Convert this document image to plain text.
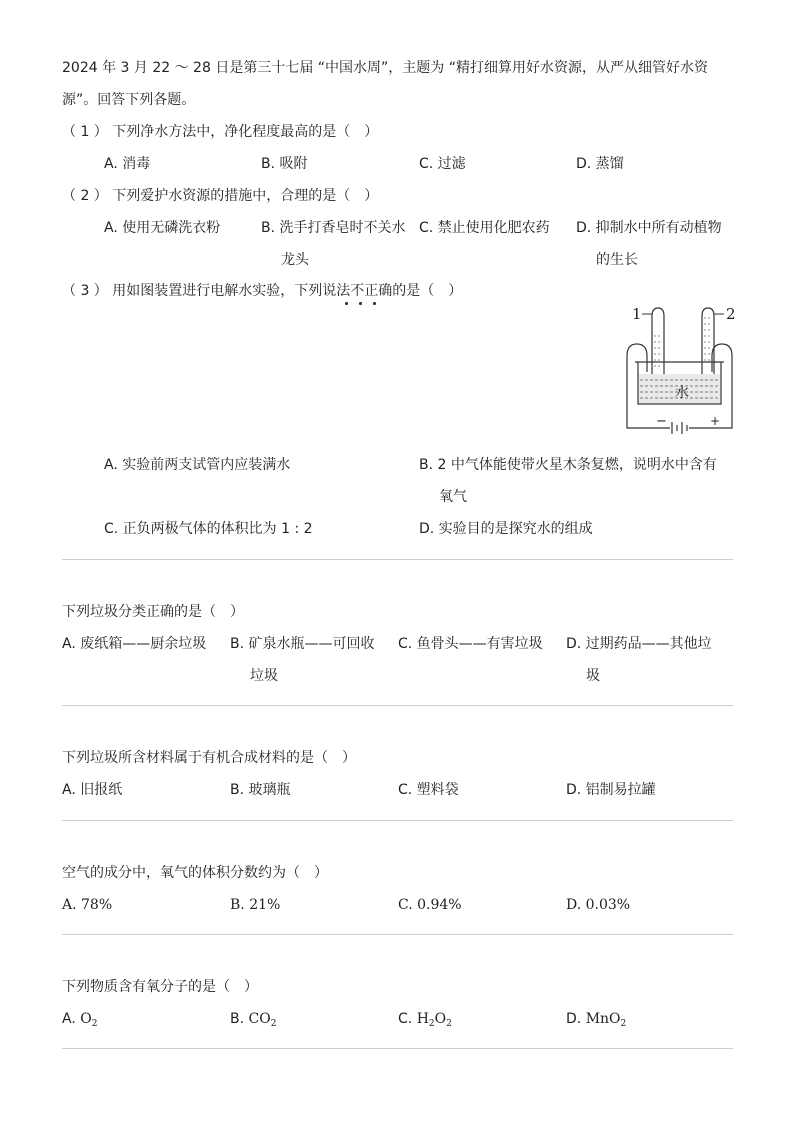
2024 年 3 月 22 ～ 28 日是第三十七届 “中国水周”，主题为 “精打细算用好水资源，从严从细管好水资
源”。回答下列各题。
（ 1 ） 下列净水方法中，净化程度最高的是（　）
A. 消毒	B. 吸附	C. 过滤	D. 蒸馏
（ 2 ） 下列爱护水资源的措施中，合理的是（　）
A. 使用无磷洗衣粉	B. 洗手打香皂时不关水
龙头
C. 禁止使用化肥农药 D. 抑制水中所有动植物
的生长
（ 3 ） 用如图装置进行电解水实验，下列说法不正确的是（　）
1	2
水
−	+
A. 实验前两支试管内应装满水	B. 2 中气体能使带火星木条复燃，说明水中含有
氧气
C. 正负两极气体的体积比为 1 : 2	D. 实验目的是探究水的组成
下列垃圾分类正确的是（　）
A. 废纸箱——厨余垃圾 B. 矿泉水瓶——可回收
垃圾
C. 鱼骨头——有害垃圾 D. 过期药品——其他垃
圾
下列垃圾所含材料属于有机合成材料的是（　）
A. 旧报纸	B. 玻璃瓶	C. 塑料袋	D. 铝制易拉罐
空气的成分中，氧气的体积分数约为（　）
A. 78%	B. 21%	C. 0.94%	D. 0.03%
下列物质含有氧分子的是（　）
A. $O_2$	B. $CO_2$	C. $H_2O_2$	D. MnO$_2$
